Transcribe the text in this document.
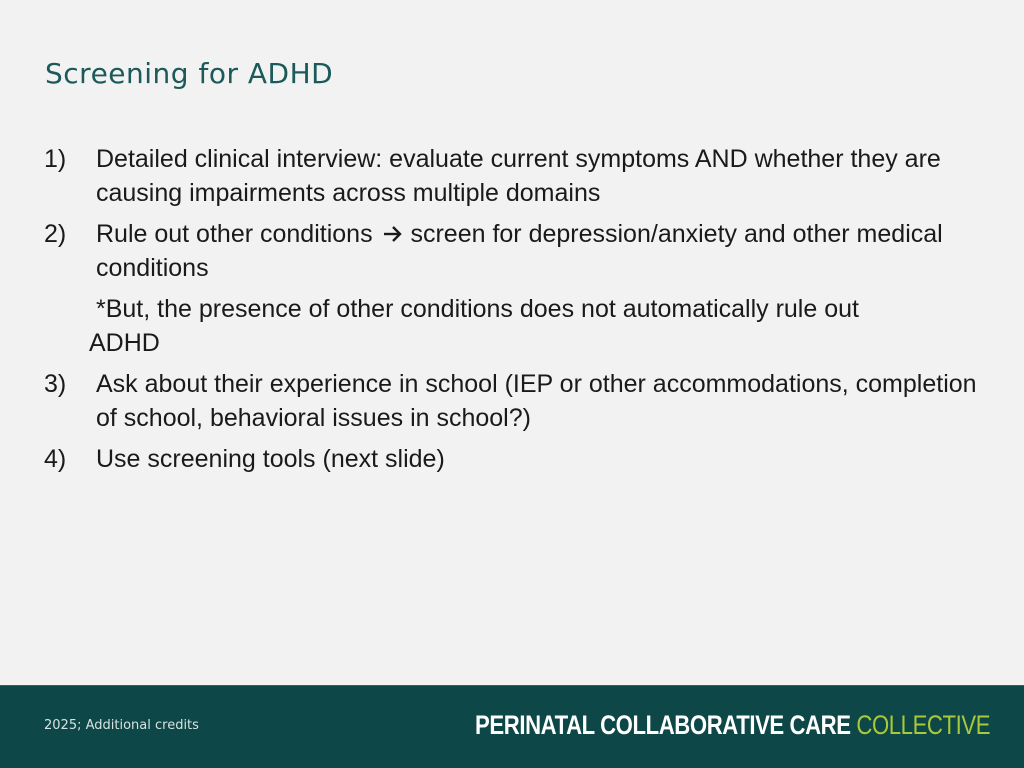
Screening for ADHD
1)	Detailed clinical interview: evaluate current symptoms AND whether they are causing impairments across multiple domains
2)	Rule out other conditions  screen for depression/anxiety and other medical conditions
*But, the presence of other conditions does not automatically rule out
ADHD
3)	Ask about their experience in school (IEP or other accommodations, completion of school, behavioral issues in school?)
4)	Use screening tools (next slide)
2025; Additional credits	PERINATAL COLLABORATIVE CARE COLLECTIVE
